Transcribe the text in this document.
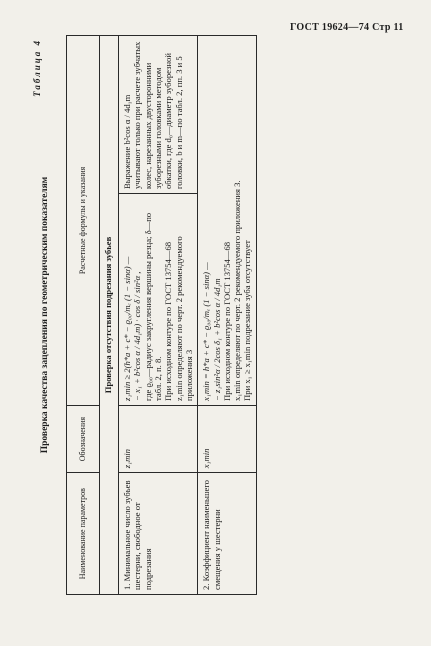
ГОСТ 19624—74 Стр 11
Проверка качества зацепления по геометрическим показателям
Таблица 4
Наименование параметров	Обозначения	Расчетные формулы и указания	
Проверка отсутствия подрезания зубьев			
1. Минимальное число зубьев шестерни, свободное от подрезания	z₁min	z₁min ≥ 2(h*a + c* − ϱ₀₀/mₑ (1 − sinα) — − x₁ + b²cos α / 4d₁m) · cos δ / sin²α , где ϱ₀₀—радиус закругления вершины резца; δ—по табл. 2, п. 8. При исходном контуре по ГОСТ 13754—68 z₁min определяют по черт. 2 рекомендуемого приложения 3	Выражение b²cos α / 4d₁m учитывают только при расчете зубчатых колес, нарезанных двусторонними зуборезными головками методом обкатки, где d₀—диаметр зуборезной головки, b и m—по табл. 2, пп. 3 и 5

2. Коэффициент наименьшего смещения у шестерни	x₁min	x₁min = h*a + c* − ϱ₀₀/mₑ (1 − sinα) — − z₁sin²α / 2cos δ₁ + b²cos α / 4d₁m При исходном контуре по ГОСТ 13754—68 x₁min определяют по черт. 2 рекомендуемого приложения 3. При x₁ ≥ x₁min подрезание зуба отсутствует	
